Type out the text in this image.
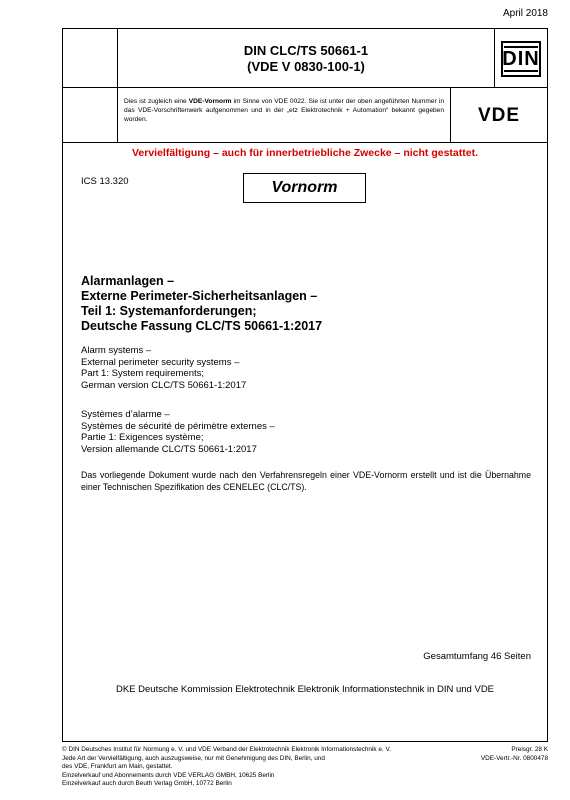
April 2018
DIN CLC/TS 50661-1
(VDE V 0830-100-1)	DIN
Dies ist zugleich eine VDE-Vornorm im Sinne von VDE 0022. Sie ist unter der oben angeführten Nummer in das VDE-Vorschriftenwerk aufgenommen und in der „etz Elektrotechnik + Automation“ bekannt gegeben worden.	VDE
Vervielfältigung – auch für innerbetriebliche Zwecke – nicht gestattet.
ICS 13.320	Vornorm
Alarmanlagen –
Externe Perimeter-Sicherheitsanlagen –
Teil 1: Systemanforderungen;
Deutsche Fassung CLC/TS 50661-1:2017
Alarm systems –
External perimeter security systems –
Part 1: System requirements;
German version CLC/TS 50661-1:2017
Systèmes d’alarme –
Systèmes de sécurité de périmètre externes –
Partie 1: Exigences système;
Version allemande CLC/TS 50661-1:2017
Das vorliegende Dokument wurde nach den Verfahrensregeln einer VDE-Vornorm erstellt und ist die Übernahme einer Technischen Spezifikation des CENELEC (CLC/TS).
Gesamtumfang 46 Seiten
DKE Deutsche Kommission Elektrotechnik Elektronik Informationstechnik in DIN und VDE
© DIN Deutsches Institut für Normung e. V. und VDE Verband der Elektrotechnik Elektronik Informationstechnik e. V.
Jede Art der Vervielfältigung, auch auszugsweise, nur mit Genehmigung des DIN, Berlin, und
des VDE, Frankfurt am Main, gestattet.
Einzelverkauf und Abonnements durch VDE VERLAG GMBH, 10625 Berlin
Einzelverkauf auch durch Beuth Verlag GmbH, 10772 Berlin
Preisgr. 28 K
VDE-Vertr.-Nr. 0800478
